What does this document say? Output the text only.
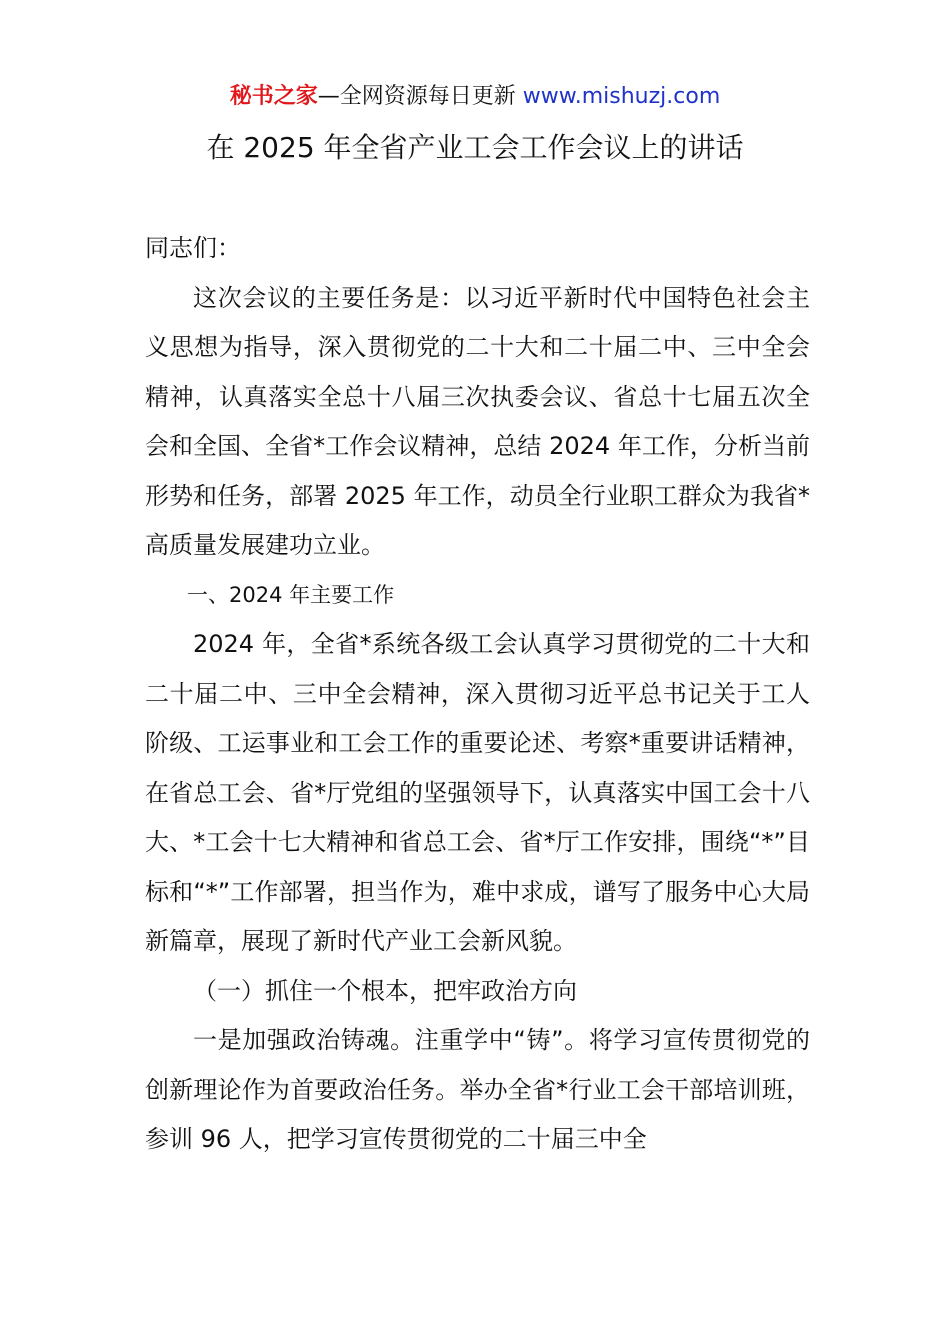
秘书之家—全网资源每日更新 www.mishuzj.com
在 2025 年全省产业工会工作会议上的讲话

同志们：

这次会议的主要任务是：以习近平新时代中国特色社会主义思想为指导，深入贯彻党的二十大和二十届二中、三中全会精神，认真落实全总十八届三次执委会议、省总十七届五次全会和全国、全省*工作会议精神，总结 2024 年工作，分析当前形势和任务，部署 2025 年工作，动员全行业职工群众为我省*高质量发展建功立业。

一、2024 年主要工作

2024 年，全省*系统各级工会认真学习贯彻党的二十大和二十届二中、三中全会精神，深入贯彻习近平总书记关于工人阶级、工运事业和工会工作的重要论述、考察*重要讲话精神，在省总工会、省*厅党组的坚强领导下，认真落实中国工会十八大、*工会十七大精神和省总工会、省*厅工作安排，围绕“*”目标和“*”工作部署，担当作为，难中求成，谱写了服务中心大局新篇章，展现了新时代产业工会新风貌。

（一）抓住一个根本，把牢政治方向

一是加强政治铸魂。注重学中“铸”。将学习宣传贯彻党的创新理论作为首要政治任务。举办全省*行业工会干部培训班，参训 96 人，把学习宣传贯彻党的二十届三中全
